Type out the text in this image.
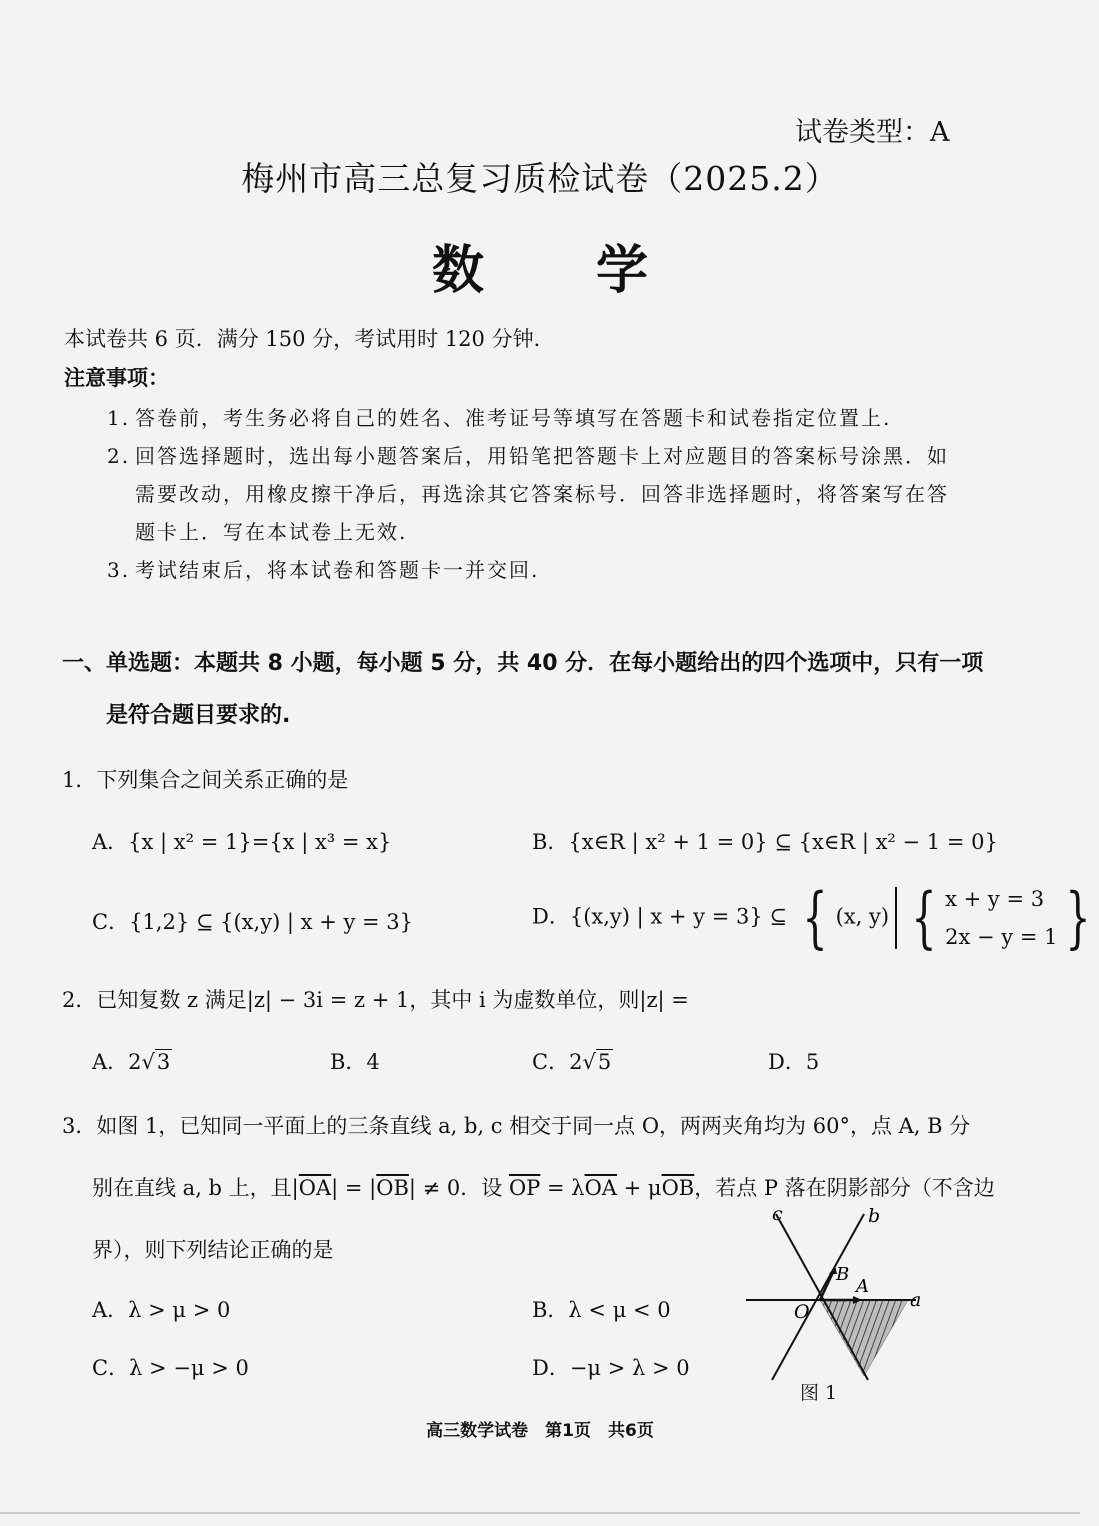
试卷类型：A
梅州市高三总复习质检试卷（2025.2）
数 学
本试卷共 6 页．满分 150 分，考试用时 120 分钟．
注意事项：
1. 答卷前，考生务必将自己的姓名、准考证号等填写在答题卡和试卷指定位置上.
2. 回答选择题时，选出每小题答案后，用铅笔把答题卡上对应题目的答案标号涂黑．如
需要改动，用橡皮擦干净后，再选涂其它答案标号．回答非选择题时，将答案写在答
题卡上．写在本试卷上无效.
3. 考试结束后，将本试卷和答题卡一并交回.
一、单选题：本题共 8 小题，每小题 5 分，共 40 分．在每小题给出的四个选项中，只有一项
是符合题目要求的.
1．下列集合之间关系正确的是
A．{x | x² = 1}={x | x³ = x}	B．{x∈R | x² + 1 = 0} ⊆ {x∈R | x² − 1 = 0}
C．{1,2} ⊆ {(x,y) | x + y = 3}	D．{(x,y) | x + y = 3} ⊆ { (x, y) { x + y = 3
2x − y = 1 }
2．已知复数 z 满足|z| − 3i = z + 1，其中 i 为虚数单位，则|z| =
A．2√3	B．4	C．2√5	D．5
3．如图 1，已知同一平面上的三条直线 a, b, c 相交于同一点 O，两两夹角均为 60°，点 A, B 分
别在直线 a, b 上，且$|\overline{OA}| = |\overline{OB}| \ne 0$．设 $\overline{OP} = \lambda\overline{OA} + \mu\overline{OB}$，若点 P 落在阴影部分（不含边
界），则下列结论正确的是
A．λ > μ > 0	B．λ < μ < 0
C．λ > −μ > 0	D．−μ > λ > 0
c	b
B
A
O
a
图 1
高三数学试卷　第1页　共6页
